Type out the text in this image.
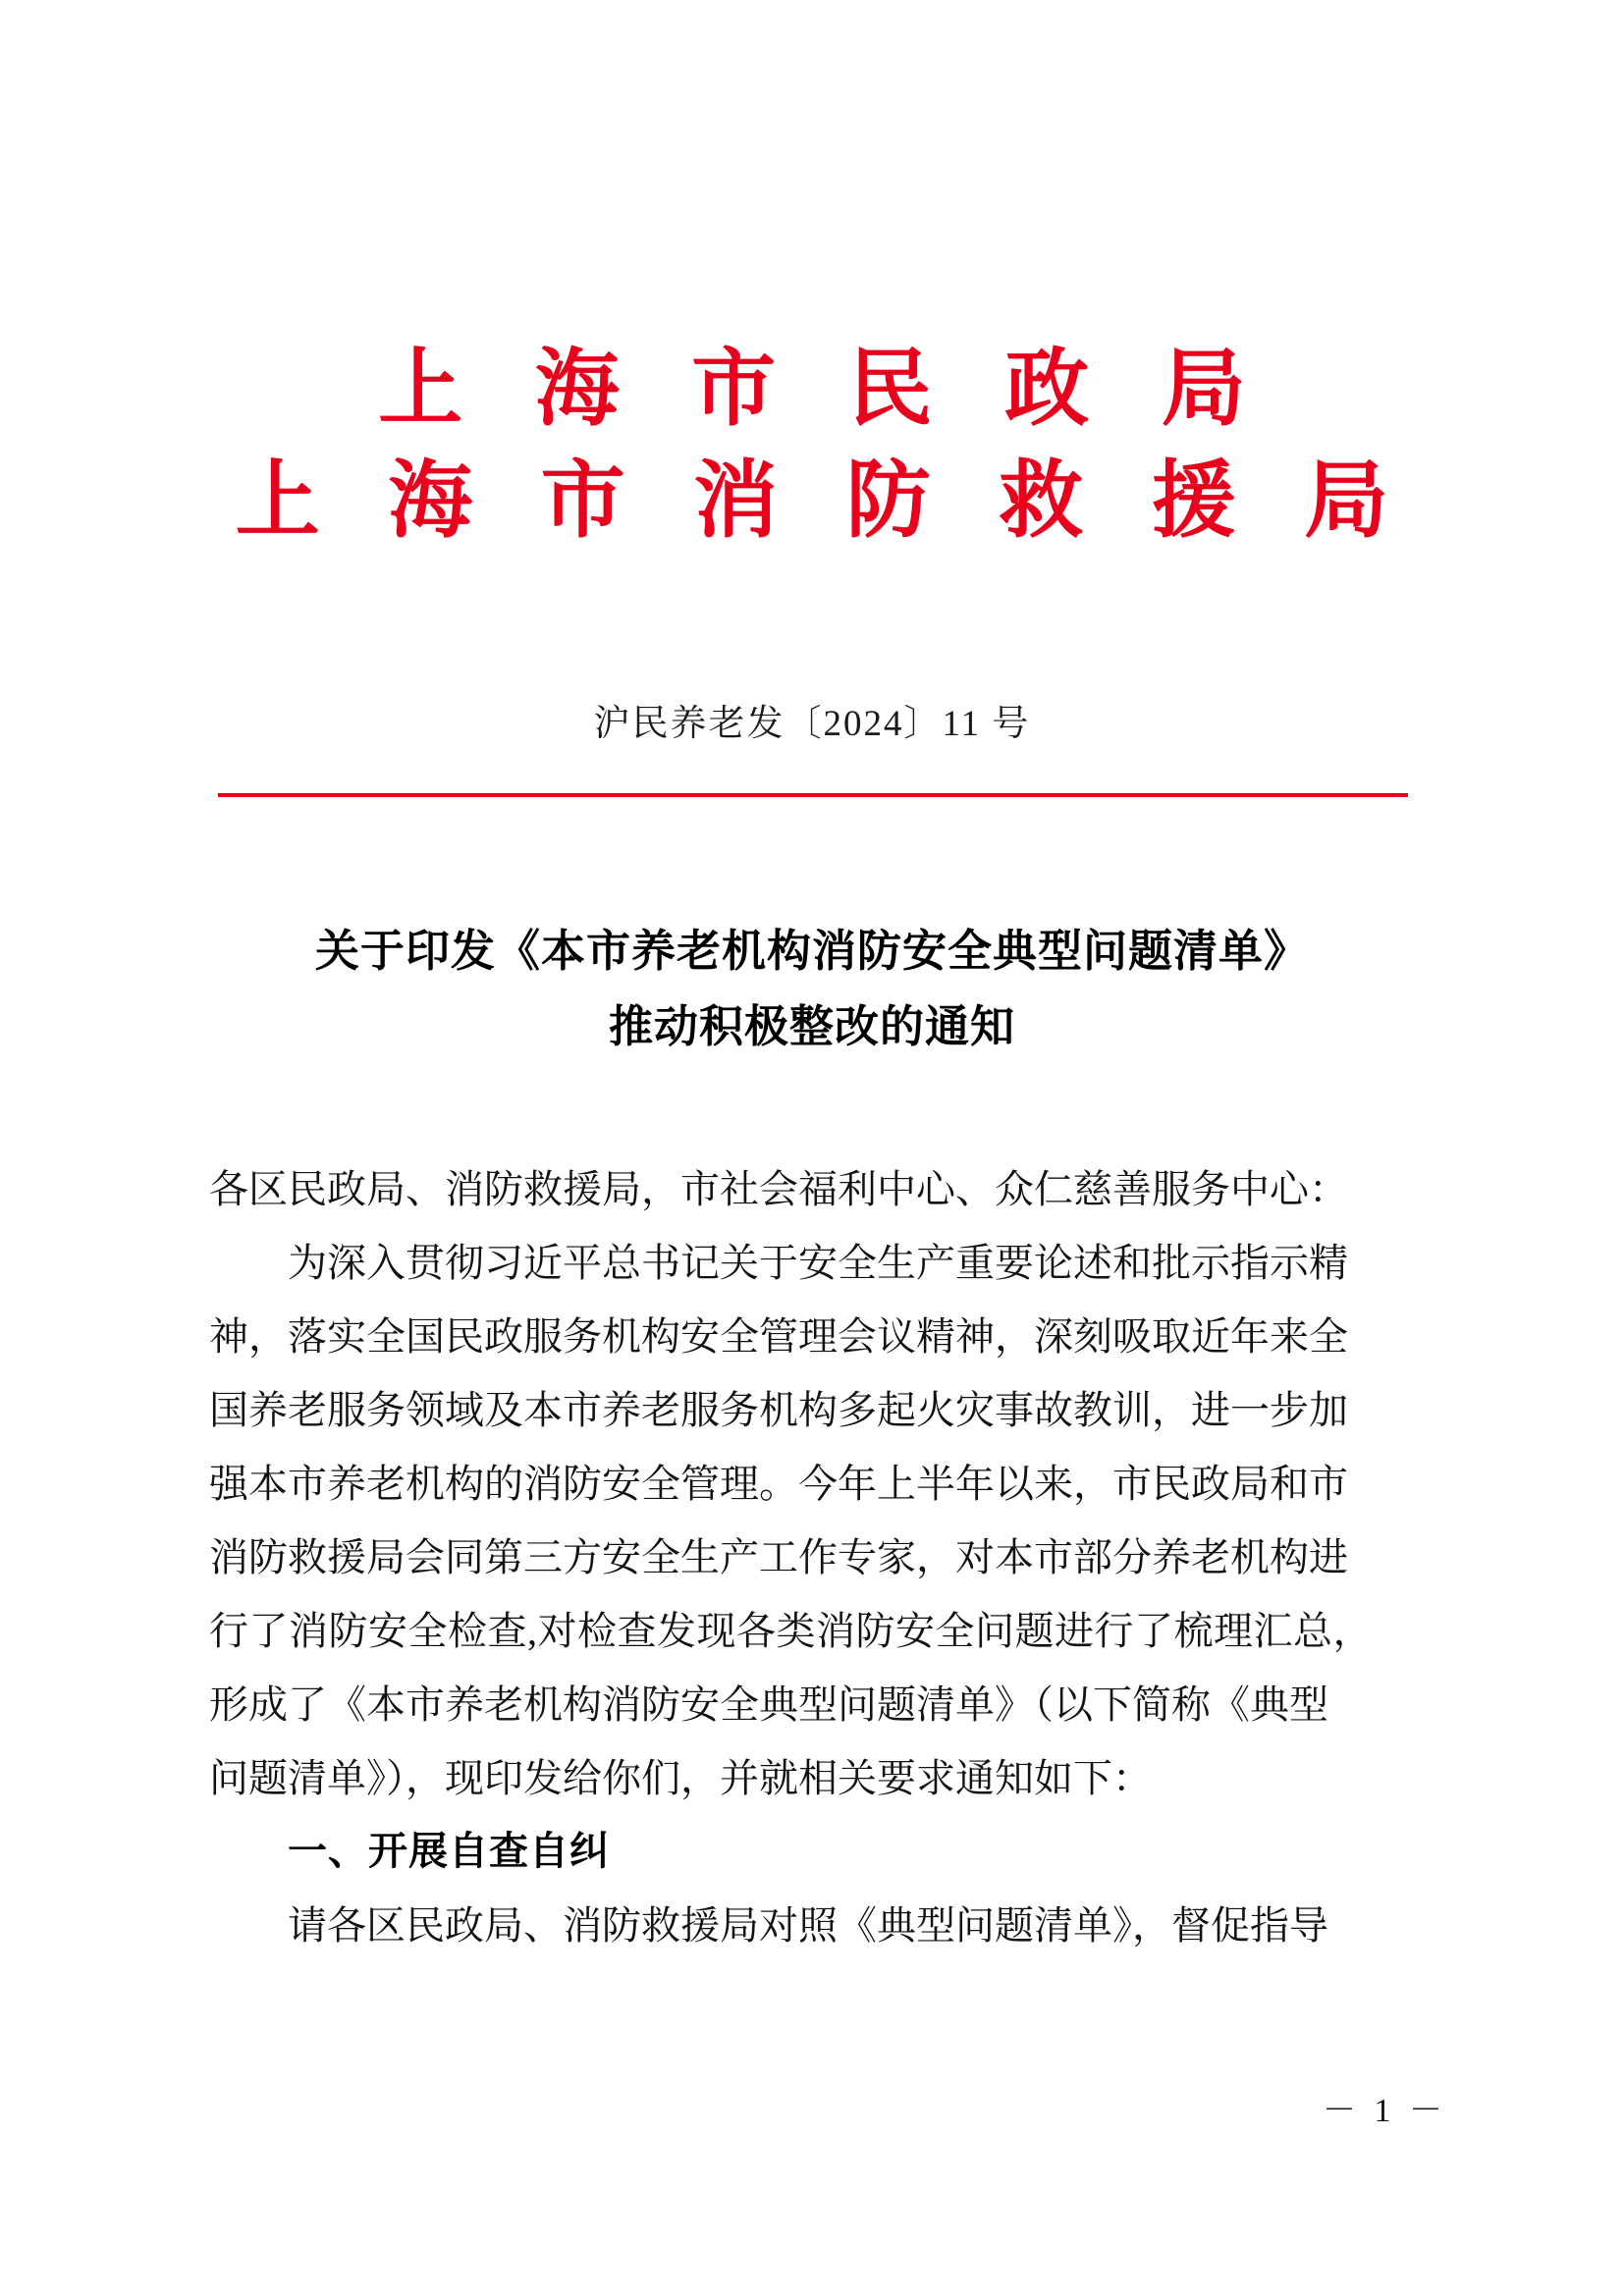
上 海 市 民 政 局
上 海 市 消 防 救 援 局
沪民养老发〔2024〕11 号
关于印发《本市养老机构消防安全典型问题清单》
推动积极整改的通知
各区民政局、消防救援局，市社会福利中心、众仁慈善服务中心：
为深入贯彻习近平总书记关于安全生产重要论述和批示指示精
神，落实全国民政服务机构安全管理会议精神，深刻吸取近年来全
国养老服务领域及本市养老服务机构多起火灾事故教训，进一步加
强本市养老机构的消防安全管理。今年上半年以来，市民政局和市
消防救援局会同第三方安全生产工作专家，对本市部分养老机构进
行了消防安全检查,对检查发现各类消防安全问题进行了梳理汇总，
形成了《本市养老机构消防安全典型问题清单》（以下简称《典型
问题清单》），现印发给你们，并就相关要求通知如下：
一、开展自查自纠
请各区民政局、消防救援局对照《典型问题清单》，督促指导
－ 1 －
